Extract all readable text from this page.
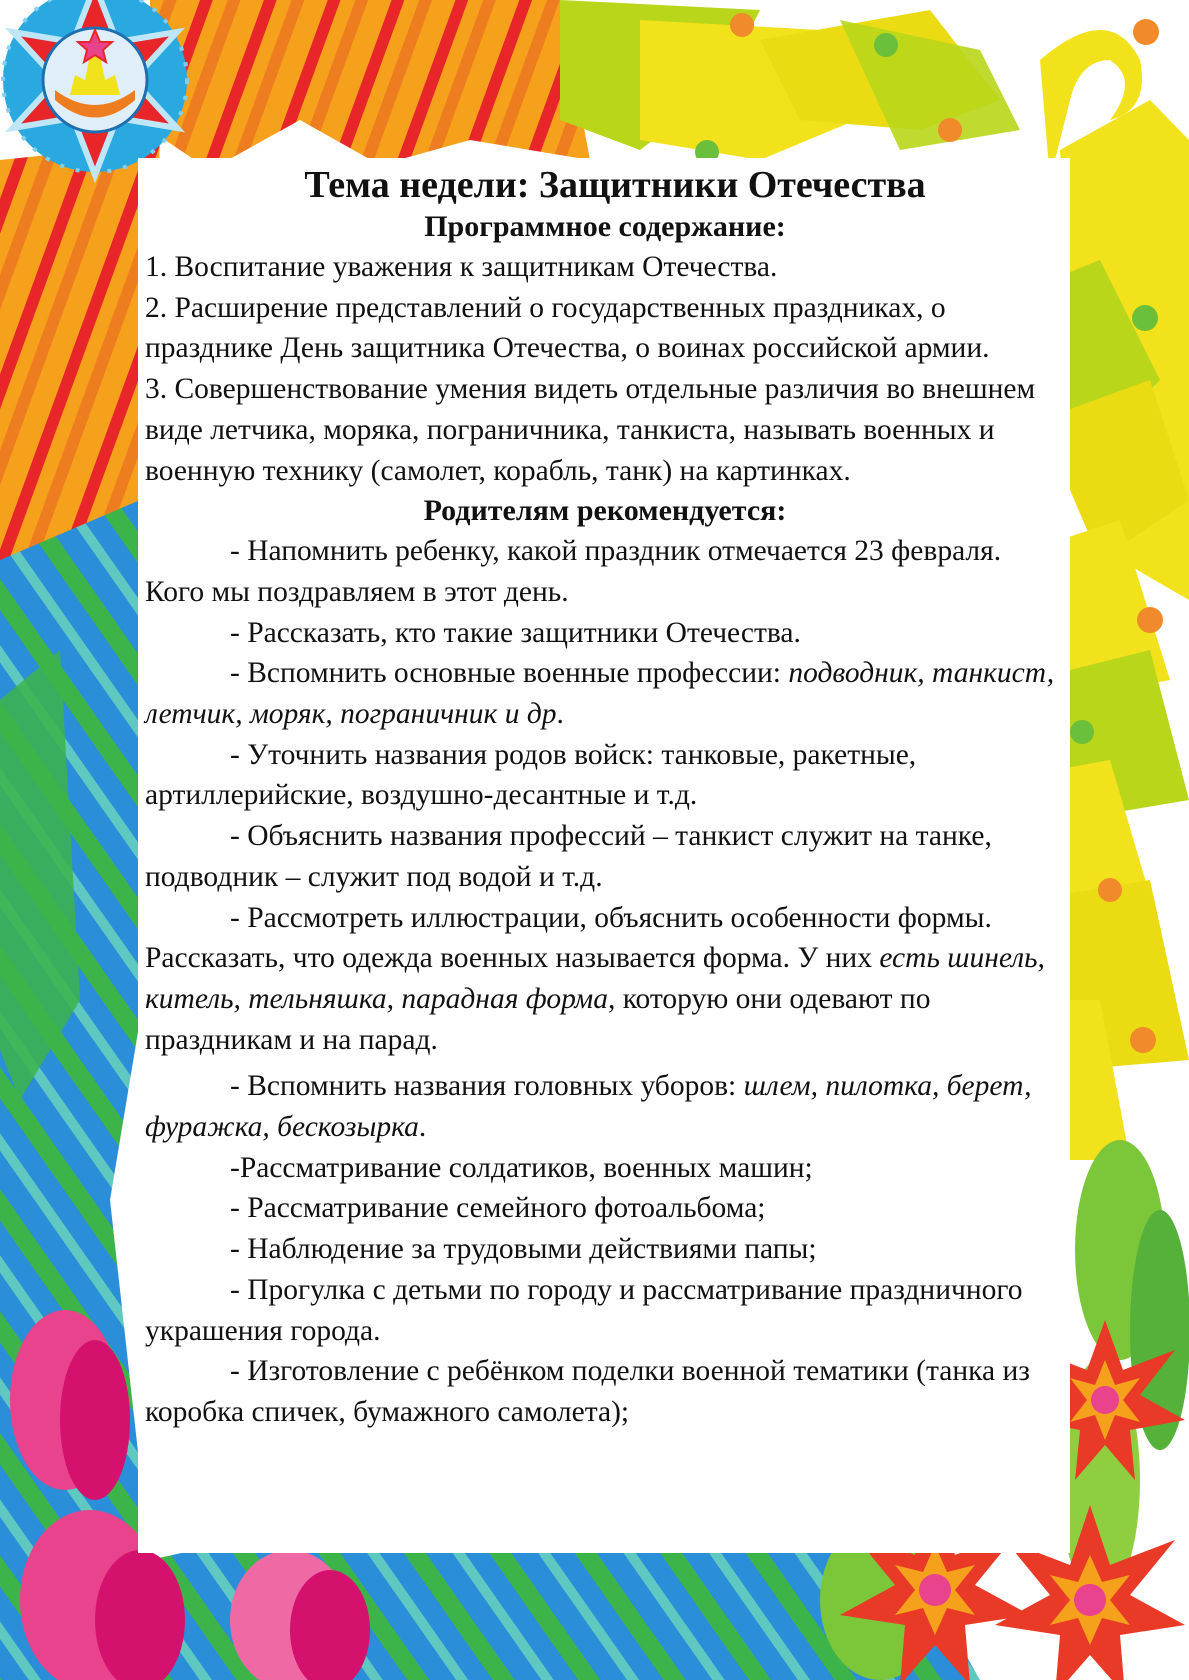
Тема недели: Защитники Отечества
Программное содержание:

1. Воспитание уважения к защитникам Отечества.

2. Расширение представлений о государственных праздниках, о празднике День защитника Отечества, о воинах российской армии.

3. Совершенствование умения видеть отдельные различия во внешнем виде летчика, моряка, пограничника, танкиста, называть военных и военную технику (самолет, корабль, танк) на картинках.

Родителям рекомендуется:

- Напомнить ребенку, какой праздник отмечается 23 февраля. Кого мы поздравляем в этот день.

- Рассказать, кто такие защитники Отечества.

- Вспомнить основные военные профессии: подводник, танкист, летчик, моряк, пограничник и др.

- Уточнить названия родов войск: танковые, ракетные, артиллерийские, воздушно-десантные и т.д.

- Объяснить названия профессий – танкист служит на танке, подводник – служит под водой и т.д.

- Рассмотреть иллюстрации, объяснить особенности формы. Рассказать, что одежда военных называется форма. У них есть шинель, китель, тельняшка, парадная форма, которую они одевают по праздникам и на парад.

- Вспомнить названия головных уборов: шлем, пилотка, берет, фуражка, бескозырка.

-Рассматривание солдатиков, военных машин;

- Рассматривание семейного фотоальбома;

- Наблюдение за трудовыми действиями папы;

- Прогулка с детьми по городу и рассматривание праздничного украшения города.

- Изготовление с ребёнком поделки военной тематики (танка из коробка спичек, бумажного самолета);
